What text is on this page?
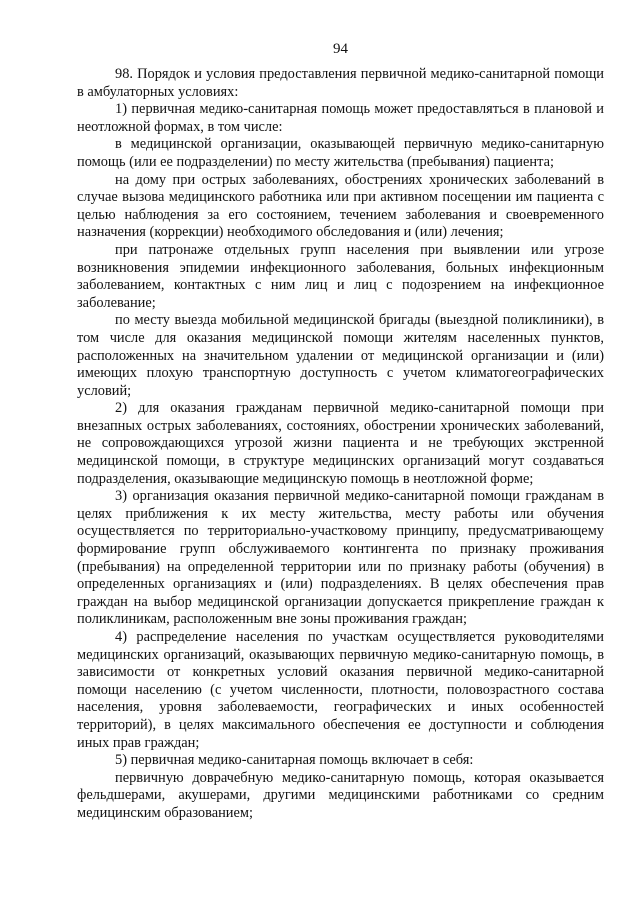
94

98. Порядок и условия предоставления первичной медико-санитарной помощи в амбулаторных условиях:

1) первичная медико-санитарная помощь может предоставляться в плановой и неотложной формах, в том числе:

в медицинской организации, оказывающей первичную медико-санитарную помощь (или ее подразделении) по месту жительства (пребывания) пациента;

на дому при острых заболеваниях, обострениях хронических заболеваний в случае вызова медицинского работника или при активном посещении им пациента с целью наблюдения за его состоянием, течением заболевания и своевременного назначения (коррекции) необходимого обследования и (или) лечения;

при патронаже отдельных групп населения при выявлении или угрозе возникновения эпидемии инфекционного заболевания, больных инфекционным заболеванием, контактных с ним лиц и лиц с подозрением на инфекционное заболевание;

по месту выезда мобильной медицинской бригады (выездной поликлиники), в том числе для оказания медицинской помощи жителям населенных пунктов, расположенных на значительном удалении от медицинской организации и (или) имеющих плохую транспортную доступность с учетом климатогеографических условий;

2) для оказания гражданам первичной медико-санитарной помощи при внезапных острых заболеваниях, состояниях, обострении хронических заболеваний, не сопровождающихся угрозой жизни пациента и не требующих экстренной медицинской помощи, в структуре медицинских организаций могут создаваться подразделения, оказывающие медицинскую помощь в неотложной форме;

3) организация оказания первичной медико-санитарной помощи гражданам в целях приближения к их месту жительства, месту работы или обучения осуществляется по территориально-участковому принципу, предусматривающему формирование групп обслуживаемого контингента по признаку проживания (пребывания) на определенной территории или по признаку работы (обучения) в определенных организациях и (или) подразделениях. В целях обеспечения прав граждан на выбор медицинской организации допускается прикрепление граждан к поликлиникам, расположенным вне зоны проживания граждан;

4) распределение населения по участкам осуществляется руководителями медицинских организаций, оказывающих первичную медико-санитарную помощь, в зависимости от конкретных условий оказания первичной медико-санитарной помощи населению (с учетом численности, плотности, половозрастного состава населения, уровня заболеваемости, географических и иных особенностей территорий), в целях максимального обеспечения ее доступности и соблюдения иных прав граждан;

5) первичная медико-санитарная помощь включает в себя:

первичную доврачебную медико-санитарную помощь, которая оказывается фельдшерами, акушерами, другими медицинскими работниками со средним медицинским образованием;
